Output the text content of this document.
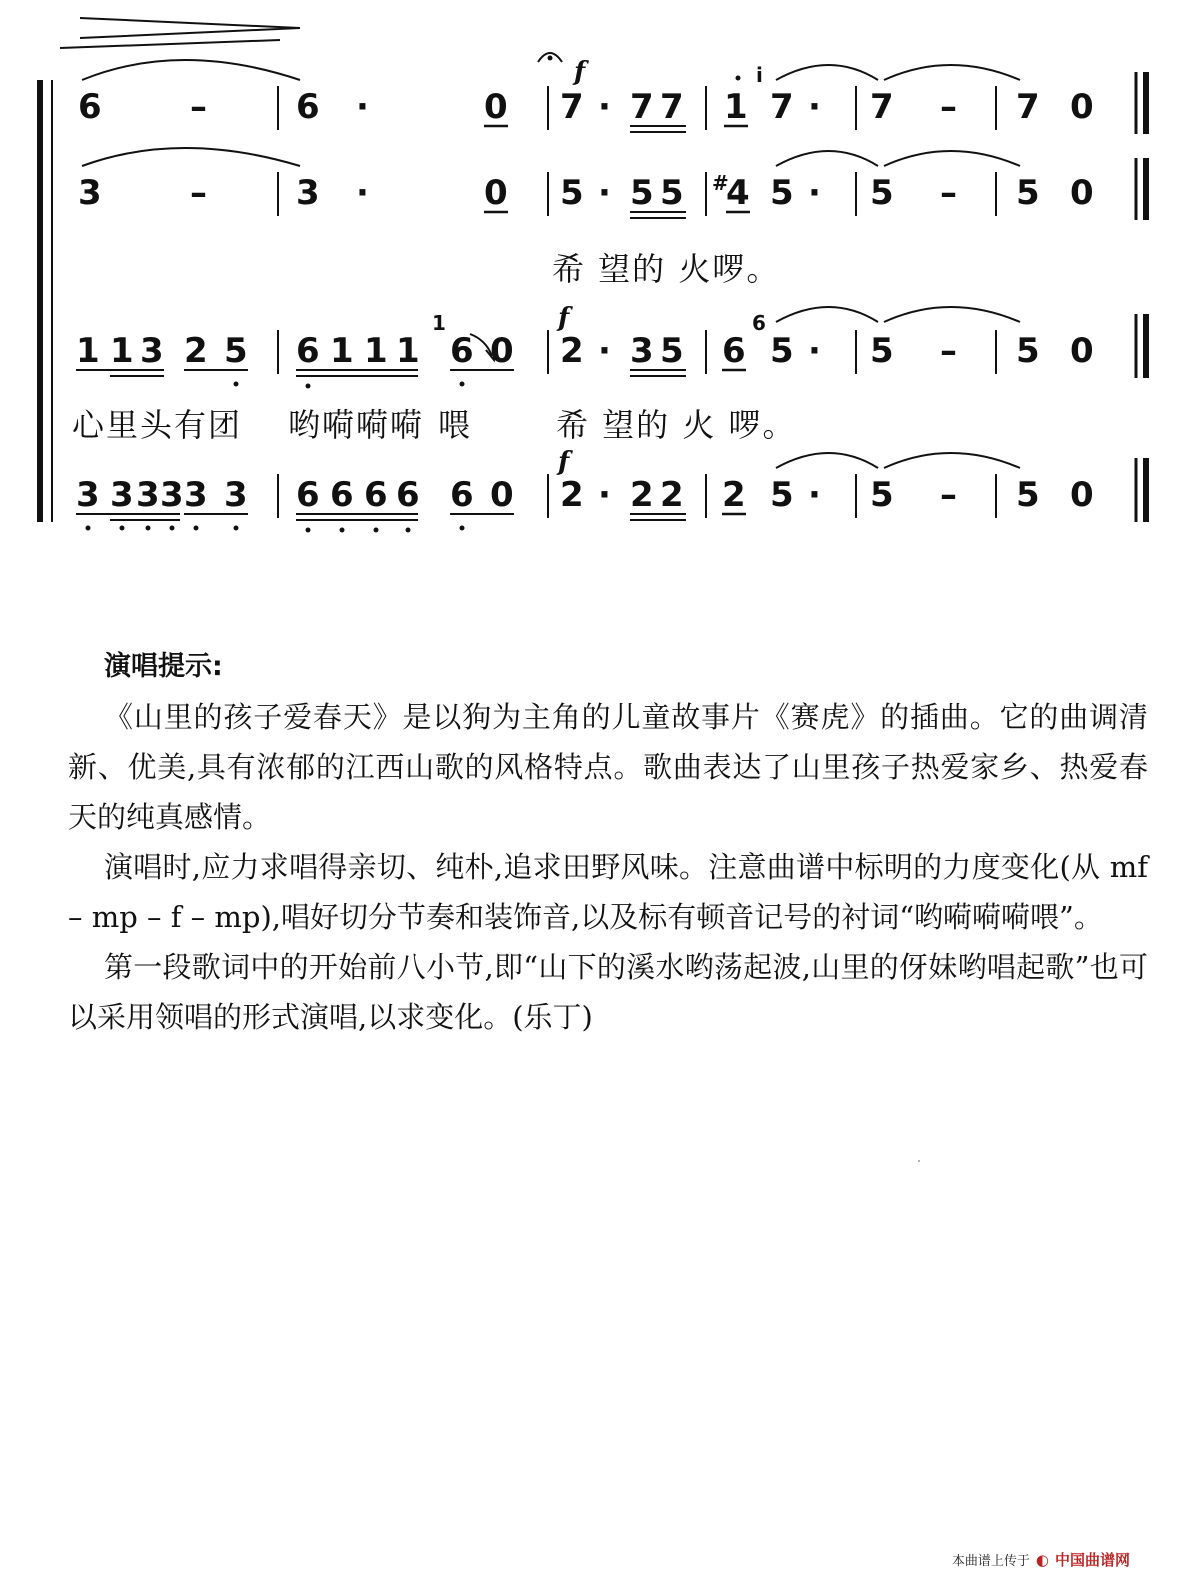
6	–	6 ·	0
f
7 · 7 7
i
1 7 · 7 – 7 0
3	–	3 ·	0 5 · 5 5 #
4 5 · 5 – 5 0
希 望的 火啰。
1 1 3 2 5 6 1 1 1
1
6 0
f
2 · 3 5 6
6
5 · 5 – 5 0
心里头有团 哟嗬嗬嗬 喂	希 望的 火 啰。
3 3 3 3 3 3 6 6 6 6 6 0
f
2 · 2 2 2 5 · 5 – 5 0
演唱提示:

《山里的孩子爱春天》是以狗为主角的儿童故事片《赛虎》的插曲。它的曲调清新、优美,具有浓郁的江西山歌的风格特点。歌曲表达了山里孩子热爱家乡、热爱春天的纯真感情。

演唱时,应力求唱得亲切、纯朴,追求田野风味。注意曲谱中标明的力度变化(从 mf – mp – f – mp),唱好切分节奏和装饰音,以及标有顿音记号的衬词“哟嗬嗬嗬喂”。

第一段歌词中的开始前八小节,即“山下的溪水哟荡起波,山里的伢妹哟唱起歌”也可以采用领唱的形式演唱,以求变化。(乐丁)

本曲谱上传于 ◐ 中国曲谱网
